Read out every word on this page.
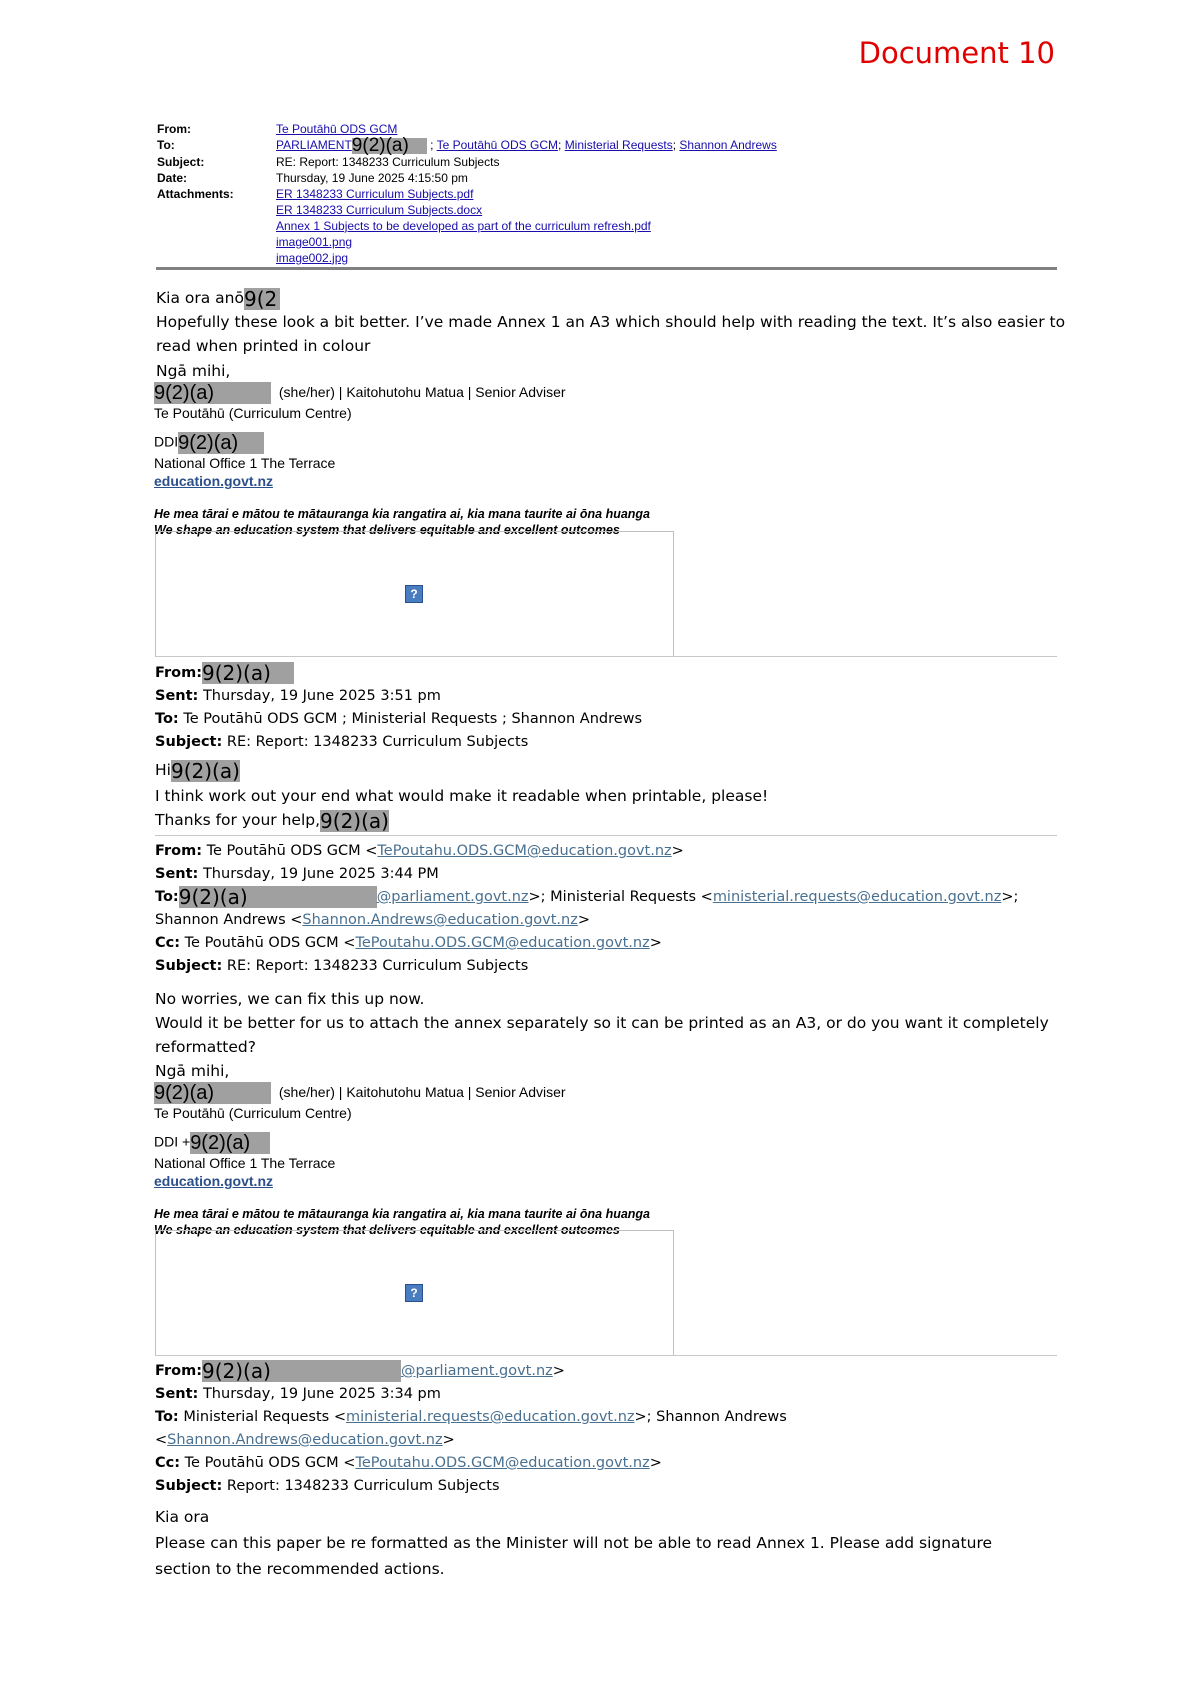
Document 10
From:	Te Poutāhū ODS GCM
To:	PARLIAMENT9(2)(a) ; Te Poutāhū ODS GCM; Ministerial Requests; Shannon Andrews
Subject:	RE: Report: 1348233 Curriculum Subjects
Date:	Thursday, 19 June 2025 4:15:50 pm
Attachments:	ER 1348233 Curriculum Subjects.pdf
ER 1348233 Curriculum Subjects.docx
Annex 1 Subjects to be developed as part of the curriculum refresh.pdf
image001.png
image002.jpg
Kia ora anō9(2
Hopefully these look a bit better. I’ve made Annex 1 an A3 which should help with reading the text. It’s also easier to
read when printed in colour
Ngā mihi,
9(2)(a)	(she/her) | Kaitohutohu Matua | Senior Adviser
Te Poutāhū (Curriculum Centre)
DDI9(2)(a)
National Office 1 The Terrace
education.govt.nz
He mea tārai e mātou te mātauranga kia rangatira ai, kia mana taurite ai ōna huanga
We shape an education system that delivers equitable and excellent outcomes
?
From:9(2)(a)
Sent: Thursday, 19 June 2025 3:51 pm
To: Te Poutāhū ODS GCM ; Ministerial Requests ; Shannon Andrews
Subject: RE: Report: 1348233 Curriculum Subjects
Hi9(2)(a)
I think work out your end what would make it readable when printable, please!
Thanks for your help,9(2)(a)
From: Te Poutāhū ODS GCM <TePoutahu.ODS.GCM@education.govt.nz>
Sent: Thursday, 19 June 2025 3:44 PM
To:9(2)(a)	@parliament.govt.nz>; Ministerial Requests <ministerial.requests@education.govt.nz>;
Shannon Andrews <Shannon.Andrews@education.govt.nz>
Cc: Te Poutāhū ODS GCM <TePoutahu.ODS.GCM@education.govt.nz>
Subject: RE: Report: 1348233 Curriculum Subjects
No worries, we can fix this up now.
Would it be better for us to attach the annex separately so it can be printed as an A3, or do you want it completely
reformatted?
Ngā mihi,
9(2)(a)	(she/her) | Kaitohutohu Matua | Senior Adviser
Te Poutāhū (Curriculum Centre)
DDI +9(2)(a)
National Office 1 The Terrace
education.govt.nz
He mea tārai e mātou te mātauranga kia rangatira ai, kia mana taurite ai ōna huanga
We shape an education system that delivers equitable and excellent outcomes
?
From:9(2)(a)	@parliament.govt.nz>
Sent: Thursday, 19 June 2025 3:34 pm
To: Ministerial Requests <ministerial.requests@education.govt.nz>; Shannon Andrews
<Shannon.Andrews@education.govt.nz>
Cc: Te Poutāhū ODS GCM <TePoutahu.ODS.GCM@education.govt.nz>
Subject: Report: 1348233 Curriculum Subjects
Kia ora
Please can this paper be re formatted as the Minister will not be able to read Annex 1. Please add signature
section to the recommended actions.
